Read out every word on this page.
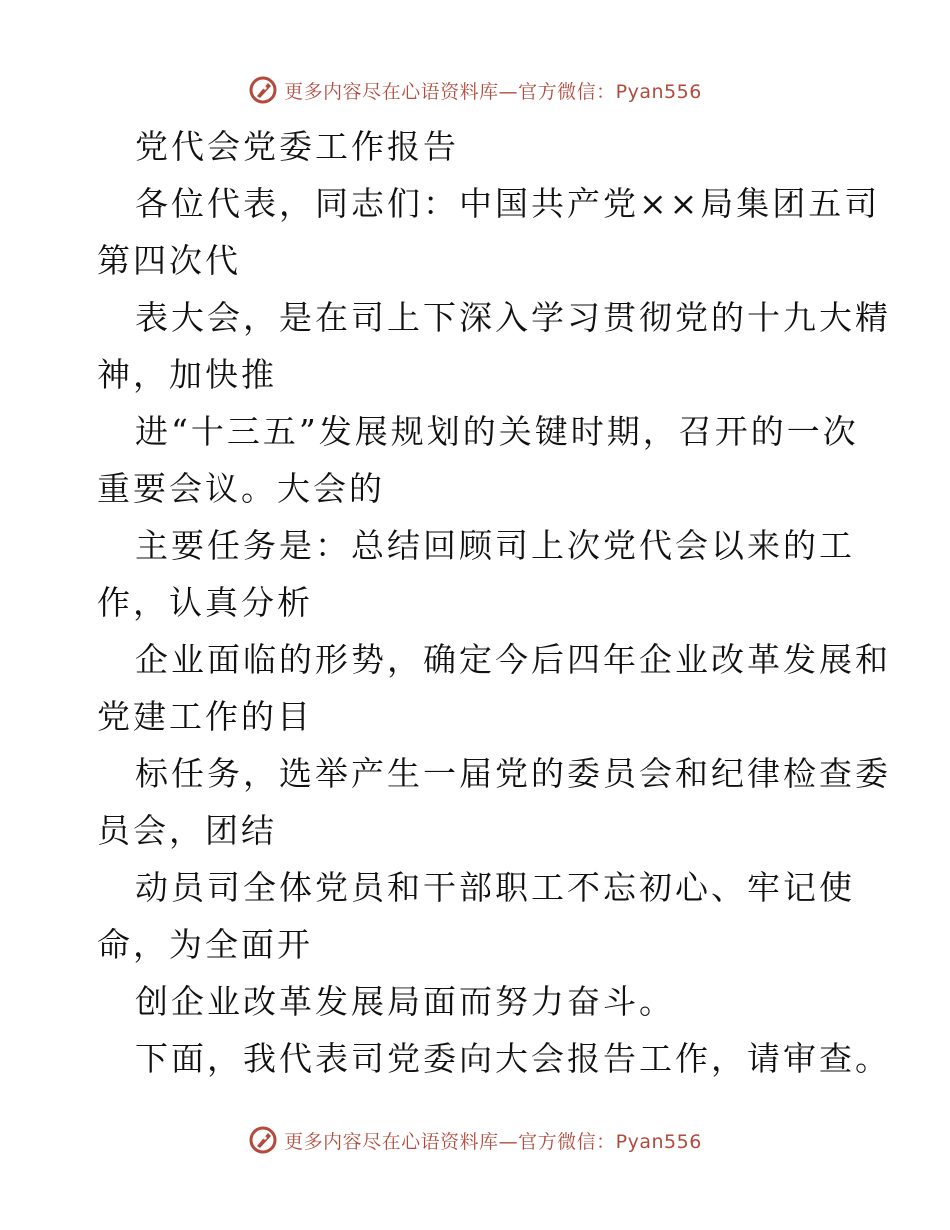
更多内容尽在心语资料库—官方微信：Pyan556
党代会党委工作报告
各位代表，同志们：中国共产党××局集团五司
第四次代
表大会，是在司上下深入学习贯彻党的十九大精
神，加快推
进“十三五”发展规划的关键时期，召开的一次
重要会议。大会的
主要任务是：总结回顾司上次党代会以来的工
作，认真分析
企业面临的形势，确定今后四年企业改革发展和
党建工作的目
标任务，选举产生一届党的委员会和纪律检查委
员会，团结
动员司全体党员和干部职工不忘初心、牢记使
命，为全面开
创企业改革发展局面而努力奋斗。
下面，我代表司党委向大会报告工作，请审查。
更多内容尽在心语资料库—官方微信：Pyan556
